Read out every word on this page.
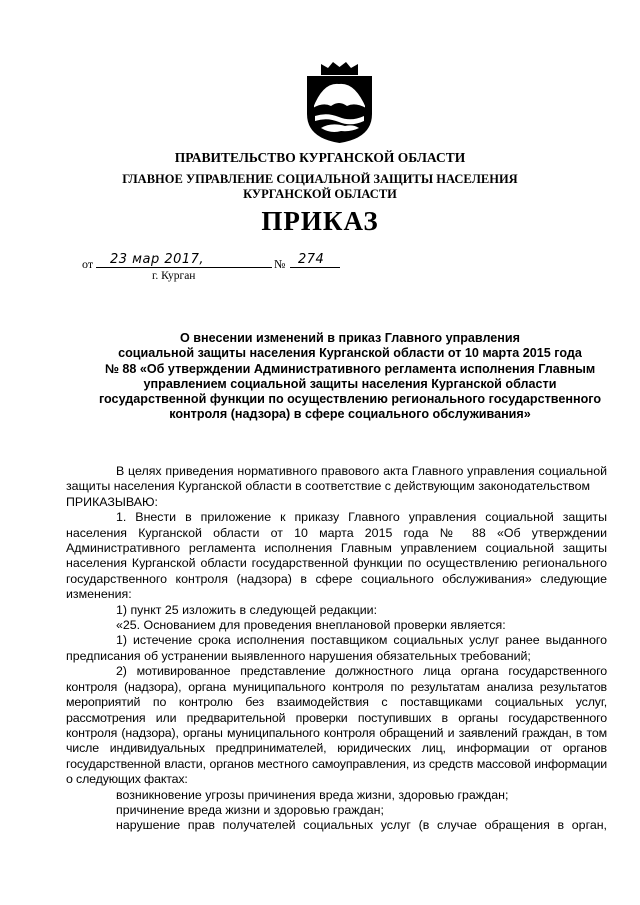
ПРАВИТЕЛЬСТВО КУРГАНСКОЙ ОБЛАСТИ
ГЛАВНОЕ УПРАВЛЕНИЕ СОЦИАЛЬНОЙ ЗАЩИТЫ НАСЕЛЕНИЯ
КУРГАНСКОЙ ОБЛАСТИ
ПРИКАЗ
от 23 мар 2017,	№ 274
г. Курган
О внесении изменений в приказ Главного управления
социальной защиты населения Курганской области от 10 марта 2015 года
№ 88 «Об утверждении Административного регламента исполнения Главным
управлением социальной защиты населения Курганской области
государственной функции по осуществлению регионального государственного
контроля (надзора) в сфере социального обслуживания»
В целях приведения нормативного правового акта Главного управления социальной защиты населения Курганской области в соответствие с действующим законодательством
ПРИКАЗЫВАЮ:
1. Внести в приложение к приказу Главного управления социальной защиты населения Курганской области от 10 марта 2015 года № 88 «Об утверждении Административного регламента исполнения Главным управлением социальной защиты населения Курганской области государственной функции по осуществлению регионального государственного контроля (надзора) в сфере социального обслуживания» следующие изменения:
1) пункт 25 изложить в следующей редакции:
«25. Основанием для проведения внеплановой проверки является:
1) истечение срока исполнения поставщиком социальных услуг ранее выданного предписания об устранении выявленного нарушения обязательных требований;
2) мотивированное представление должностного лица органа государственного контроля (надзора), органа муниципального контроля по результатам анализа результатов мероприятий по контролю без взаимодействия с поставщиками социальных услуг, рассмотрения или предварительной проверки поступивших в органы государственного контроля (надзора), органы муниципального контроля обращений и заявлений граждан, в том числе индивидуальных предпринимателей, юридических лиц, информации от органов государственной власти, органов местного самоуправления, из средств массовой информации о следующих фактах:
возникновение угрозы причинения вреда жизни, здоровью граждан;
причинение вреда жизни и здоровью граждан;
нарушение прав получателей социальных услуг (в случае обращения в орган,
